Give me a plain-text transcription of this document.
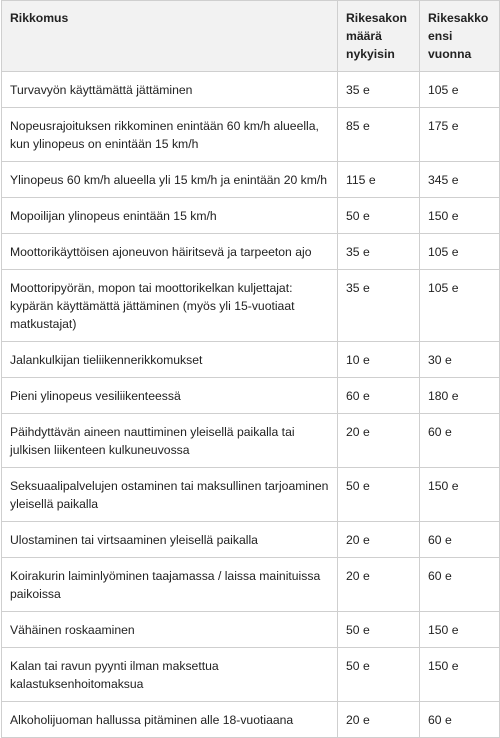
Rikkomus	Rikesakon
määrä
nykyisin	Rikesakko
ensi
vuonna
Turvavyön käyttämättä jättäminen	35 e	105 e
Nopeusrajoituksen rikkominen enintään 60 km/h alueella, kun ylinopeus on enintään 15 km/h	85 e	175 e
Ylinopeus 60 km/h alueella yli 15 km/h ja enintään 20 km/h	115 e	345 e
Mopoilijan ylinopeus enintään 15 km/h	50 e	150 e
Moottorikäyttöisen ajoneuvon häiritsevä ja tarpeeton ajo	35 e	105 e
Moottoripyörän, mopon tai moottorikelkan kuljettajat: kypärän käyttämättä jättäminen (myös yli 15-vuotiaat matkustajat)	35 e	105 e
Jalankulkijan tieliikennerikkomukset	10 e	30 e
Pieni ylinopeus vesiliikenteessä	60 e	180 e
Päihdyttävän aineen nauttiminen yleisellä paikalla tai julkisen liikenteen kulkuneuvossa	20 e	60 e
Seksuaalipalvelujen ostaminen tai maksullinen tarjoaminen yleisellä paikalla	50 e	150 e
Ulostaminen tai virtsaaminen yleisellä paikalla	20 e	60 e
Koirakurin laiminlyöminen taajamassa / laissa mainituissa paikoissa	20 e	60 e
Vähäinen roskaaminen	50 e	150 e
Kalan tai ravun pyynti ilman maksettua kalastuksenhoitomaksua	50 e	150 e
Alkoholijuoman hallussa pitäminen alle 18-vuotiaana	20 e	60 e
